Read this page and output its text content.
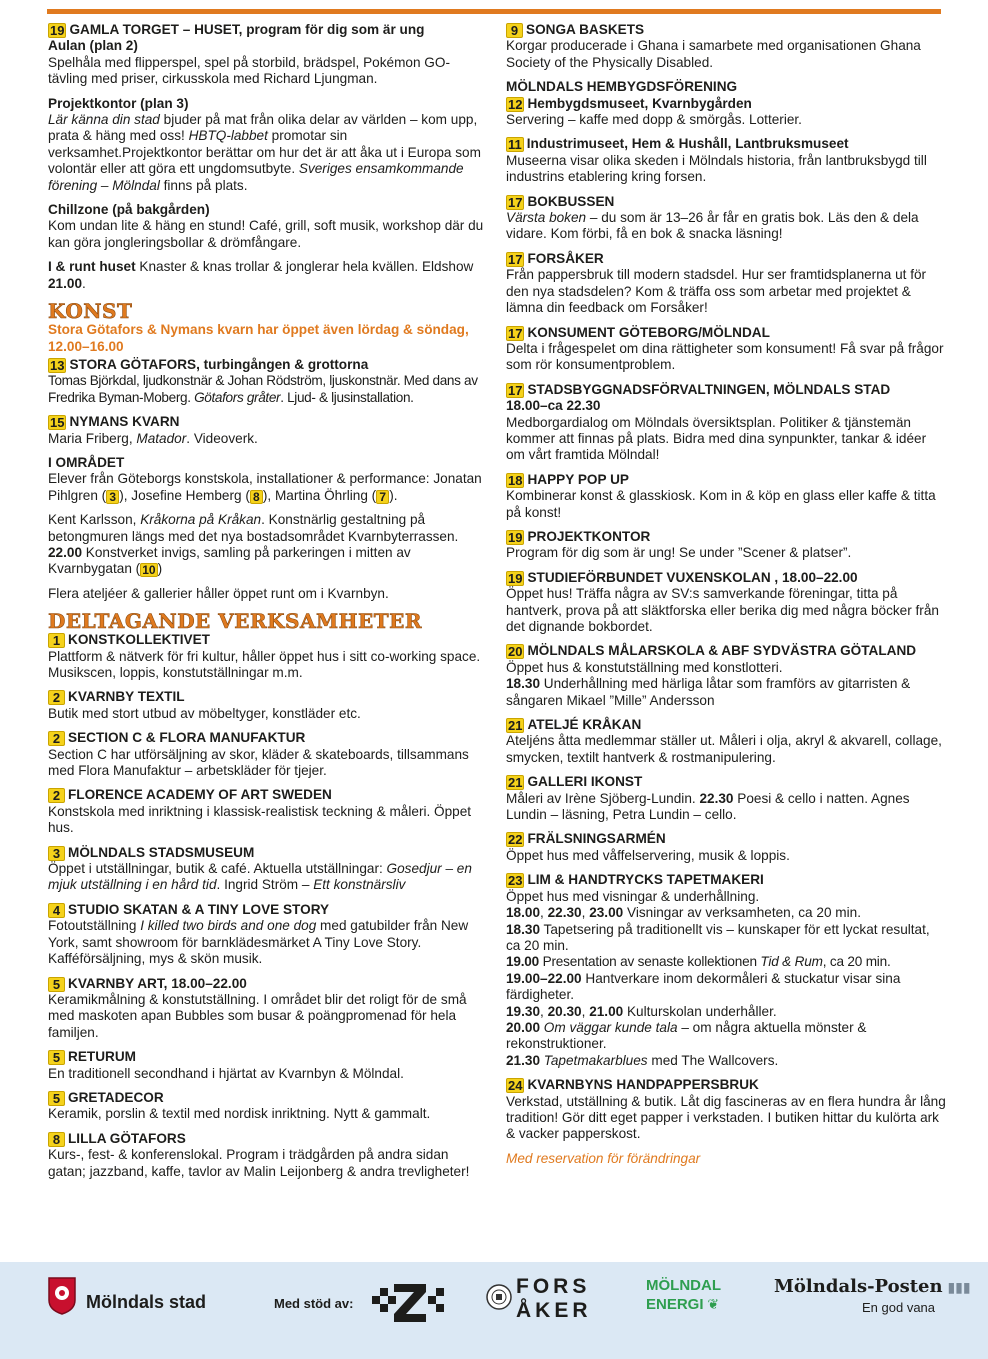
19 GAMLA TORGET – HUSET, program för dig som är ung
Aulan (plan 2)
Spelhåla med flipperspel, spel på storbild, brädspel, Pokémon GO-tävling med priser, cirkusskola med Richard Ljungman.
Projektkontor (plan 3)
Lär känna din stad bjuder på mat från olika delar av världen – kom upp, prata & häng med oss! HBTQ-labbet promotar sin verksamhet.Projektkontor berättar om hur det är att åka ut i Europa som volontär eller att göra ett ungdomsutbyte. Sveriges ensamkommande förening – Mölndal finns på plats.
Chillzone (på bakgården)
Kom undan lite & häng en stund! Café, grill, soft musik, workshop där du kan göra jongleringsbollar & drömfångare.
I & runt huset Knaster & knas trollar & jonglerar hela kvällen. Eldshow 21.00.
KONST
Stora Götafors & Nymans kvarn har öppet även lördag & söndag, 12.00–16.00
13 STORA GÖTAFORS, turbingången & grottorna
Tomas Björkdal, ljudkonstnär & Johan Rödström, ljuskonstnär. Med dans av Fredrika Byman-Moberg. Götafors gråter. Ljud- & ljusinstallation.
15 NYMANS KVARN
Maria Friberg, Matador. Videoverk.
I OMRÅDET
Elever från Göteborgs konstskola, installationer & performance: Jonatan Pihlgren ( 3 ), Josefine Hemberg ( 8 ), Martina Öhrling ( 7 ).
Kent Karlsson, Kråkorna på Kråkan. Konstnärlig gestaltning på betongmuren längs med det nya bostadsområdet Kvarnbyterrassen. 22.00 Konstverket invigs, samling på parkeringen i mitten av Kvarnbygatan ( 10 )
Flera ateljéer & gallerier håller öppet runt om i Kvarnbyn.
DELTAGANDE VERKSAMHETER
1 KONSTKOLLEKTIVET
Plattform & nätverk för fri kultur, håller öppet hus i sitt co-working space. Musikscen, loppis, konstutställningar m.m.
2 KVARNBY TEXTIL
Butik med stort utbud av möbeltyger, konstläder etc.
2 SECTION C & FLORA MANUFAKTUR
Section C har utförsäljning av skor, kläder & skateboards, tillsammans med Flora Manufaktur – arbetskläder för tjejer.
2 FLORENCE ACADEMY OF ART SWEDEN
Konstskola med inriktning i klassisk-realistisk teckning & måleri. Öppet hus.
3 MÖLNDALS STADSMUSEUM
Öppet i utställningar, butik & café. Aktuella utställningar: Gosedjur – en mjuk utställning i en hård tid. Ingrid Ström – Ett konstnärsliv
4 STUDIO SKATAN & A TINY LOVE STORY
Fotoutställning I killed two birds and one dog med gatubilder från New York, samt showroom för barnklädesmärket A Tiny Love Story. Kafféförsäljning, mys & skön musik.
5 KVARNBY ART, 18.00–22.00
Keramikmålning & konstutställning. I området blir det roligt för de små med maskoten apan Bubbles som busar & poängpromenad för hela familjen.
5 RETURUM
En traditionell secondhand i hjärtat av Kvarnbyn & Mölndal.
5 GRETADECOR
Keramik, porslin & textil med nordisk inriktning. Nytt & gammalt.
8 LILLA GÖTAFORS
Kurs-, fest- & konferenslokal. Program i trädgården på andra sidan gatan; jazzband, kaffe, tavlor av Malin Leijonberg & andra trevligheter!
9 SONGA BASKETS
Korgar producerade i Ghana i samarbete med organisationen Ghana Society of the Physically Disabled.
MÖLNDALS HEMBYGDSFÖRENING
12 Hembygdsmuseet, Kvarnbygården
Servering – kaffe med dopp & smörgås. Lotterier.
11 Industrimuseet, Hem & Hushåll, Lantbruksmuseet
Museerna visar olika skeden i Mölndals historia, från lantbruksbygd till industrins etablering kring forsen.
17 BOKBUSSEN
Värsta boken – du som är 13–26 år får en gratis bok. Läs den & dela vidare. Kom förbi, få en bok & snacka läsning!
17 FORSÅKER
Från pappersbruk till modern stadsdel. Hur ser framtidsplanerna ut för den nya stadsdelen? Kom & träffa oss som arbetar med projektet & lämna din feedback om Forsåker!
17 KONSUMENT GÖTEBORG/MÖLNDAL
Delta i frågespelet om dina rättigheter som konsument! Få svar på frågor som rör konsumentproblem.
17 STADSBYGGNADSFÖRVALTNINGEN, MÖLNDALS STAD
18.00–ca 22.30
Medborgardialog om Mölndals översiktsplan. Politiker & tjänstemän kommer att finnas på plats. Bidra med dina synpunkter, tankar & idéer om vårt framtida Mölndal!
18 HAPPY POP UP
Kombinerar konst & glasskiosk. Kom in & köp en glass eller kaffe & titta på konst!
19 PROJEKTKONTOR
Program för dig som är ung! Se under ”Scener & platser”.
19 STUDIEFÖRBUNDET VUXENSKOLAN , 18.00–22.00
Öppet hus! Träffa några av SV:s samverkande föreningar, titta på hantverk, prova på att släktforska eller berika dig med några böcker från det dignande bokbordet.
20 MÖLNDALS MÅLARSKOLA & ABF SYDVÄSTRA GÖTALAND
Öppet hus & konstutställning med konstlotteri.
18.30 Underhållning med härliga låtar som framförs av gitarristen & sångaren Mikael ”Mille” Andersson
21 ATELJÉ KRÅKAN
Ateljéns åtta medlemmar ställer ut. Måleri i olja, akryl & akvarell, collage, smycken, textilt hantverk & rostmanipulering.
21 GALLERI IKONST
Måleri av Irène Sjöberg-Lundin. 22.30 Poesi & cello i natten. Agnes Lundin – läsning, Petra Lundin – cello.
22 FRÄLSNINGSARMÉN
Öppet hus med våffelservering, musik & loppis.
23 LIM & HANDTRYCKS TAPETMAKERI
Öppet hus med visningar & underhållning.
18.00, 22.30, 23.00 Visningar av verksamheten, ca 20 min.
18.30 Tapetsering på traditionellt vis – kunskaper för ett lyckat resultat, ca 20 min.
19.00 Presentation av senaste kollektionen Tid & Rum, ca 20 min.
19.00–22.00 Hantverkare inom dekormåleri & stuckatur visar sina färdigheter.
19.30, 20.30, 21.00 Kulturskolan underhåller.
20.00 Om väggar kunde tala – om några aktuella mönster & rekonstruktioner.
21.30 Tapetmakarblues med The Wallcovers.
24 KVARNBYNS HANDPAPPERSBRUK
Verkstad, utställning & butik. Låt dig fascineras av en flera hundra år lång tradition! Gör ditt eget papper i verkstaden. I butiken hittar du kulörta ark & vacker papperskost.
Med reservation för förändringar
Mölndals stad	Med stöd av:
FORS
ÅKER
MÖLNDAL
ENERGI ❦
Mölndals-Posten ▮▮▮
En god vana
